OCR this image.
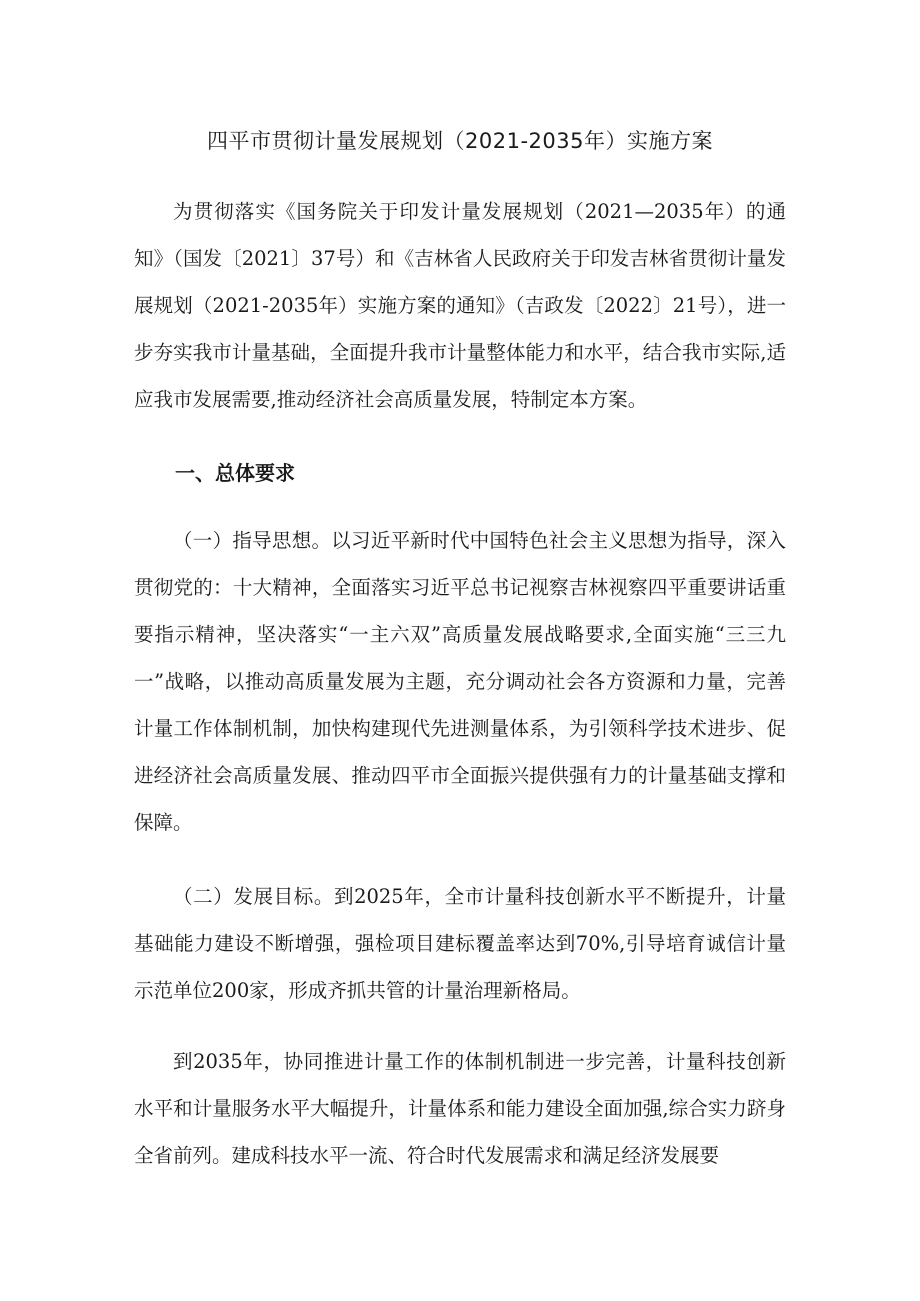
四平市贯彻计量发展规划（2021-2035年）实施方案

为贯彻落实《国务院关于印发计量发展规划（2021—2035年）的通知》（国发〔2021〕37号）和《吉林省人民政府关于印发吉林省贯彻计量发展规划（2021-2035年）实施方案的通知》（吉政发〔2022〕21号），进一步夯实我市计量基础，全面提升我市计量整体能力和水平，结合我市实际,适应我市发展需要,推动经济社会高质量发展，特制定本方案。

一、总体要求

（一）指导思想。以习近平新时代中国特色社会主义思想为指导，深入贯彻党的：十大精神，全面落实习近平总书记视察吉林视察四平重要讲话重要指示精神，坚决落实“一主六双”高质量发展战略要求,全面实施“三三九一”战略，以推动高质量发展为主题，充分调动社会各方资源和力量，完善计量工作体制机制，加快构建现代先进测量体系，为引领科学技术进步、促进经济社会高质量发展、推动四平市全面振兴提供强有力的计量基础支撑和保障。

（二）发展目标。到2025年，全市计量科技创新水平不断提升，计量基础能力建设不断增强，强检项目建标覆盖率达到70%,引导培育诚信计量示范单位200家，形成齐抓共管的计量治理新格局。

到2035年，协同推进计量工作的体制机制进一步完善，计量科技创新水平和计量服务水平大幅提升，计量体系和能力建设全面加强,综合实力跻身全省前列。建成科技水平一流、符合时代发展需求和满足经济发展要
